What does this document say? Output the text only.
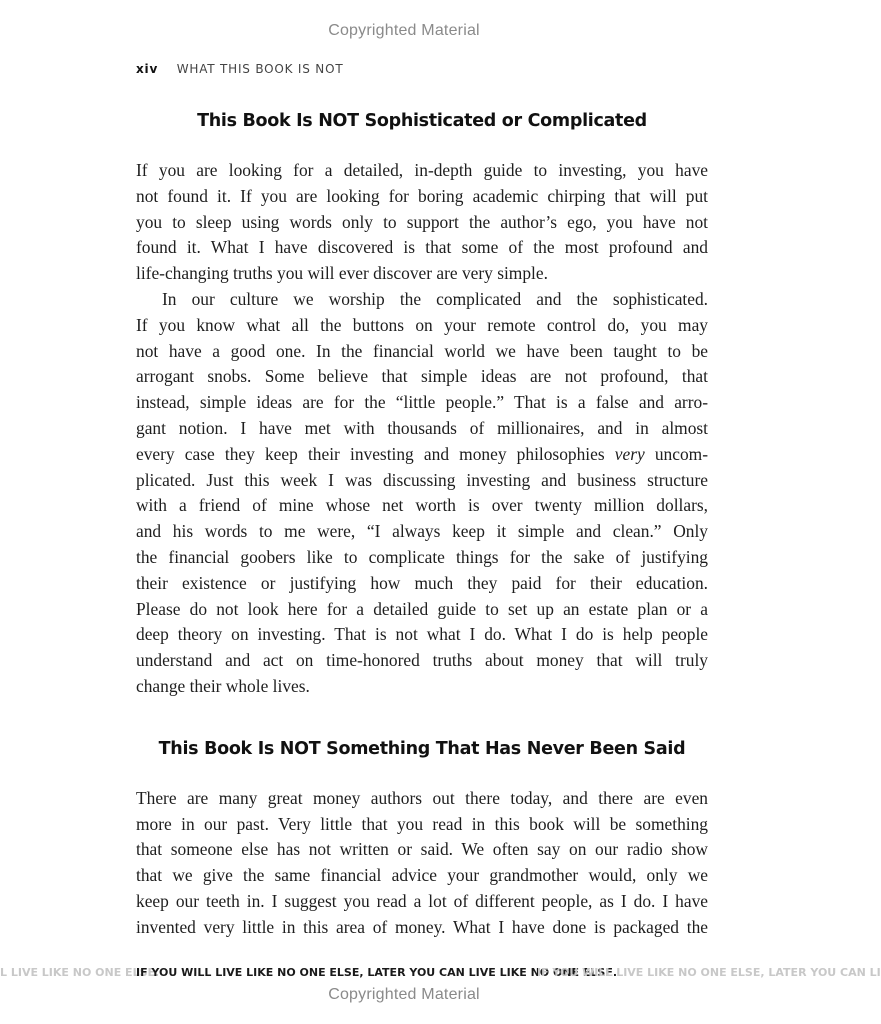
Copyrighted Material
xiv WHAT THIS BOOK IS NOT
This Book Is NOT Sophisticated or Complicated

If you are looking for a detailed, in-depth guide to investing, you have
not found it. If you are looking for boring academic chirping that will put
you to sleep using words only to support the author’s ego, you have not
found it. What I have discovered is that some of the most profound and
life-changing truths you will ever discover are very simple.

In our culture we worship the complicated and the sophisticated.
If you know what all the buttons on your remote control do, you may
not have a good one. In the financial world we have been taught to be
arrogant snobs. Some believe that simple ideas are not profound, that
instead, simple ideas are for the “little people.” That is a false and arro-
gant notion. I have met with thousands of millionaires, and in almost
every case they keep their investing and money philosophies very uncom-
plicated. Just this week I was discussing investing and business structure
with a friend of mine whose net worth is over twenty million dollars,
and his words to me were, “I always keep it simple and clean.” Only
the financial goobers like to complicate things for the sake of justifying
their existence or justifying how much they paid for their education.
Please do not look here for a detailed guide to set up an estate plan or a
deep theory on investing. That is not what I do. What I do is help people
understand and act on time-honored truths about money that will truly
change their whole lives.

This Book Is NOT Something That Has Never Been Said

There are many great money authors out there today, and there are even
more in our past. Very little that you read in this book will be something
that someone else has not written or said. We often say on our radio show
that we give the same financial advice your grandmother would, only we
keep our teeth in. I suggest you read a lot of different people, as I do. I have
invented very little in this area of money. What I have done is packaged the

L LIVE LIKE NO ONE ELSE.
IF YOU WILL LIVE LIKE NO ONE ELSE, LATER YOU CAN LIVE LIKE NO ONE ELSE.
IF YOU WILL LIVE LIKE NO ONE ELSE, LATER YOU CAN LI
Copyrighted Material
